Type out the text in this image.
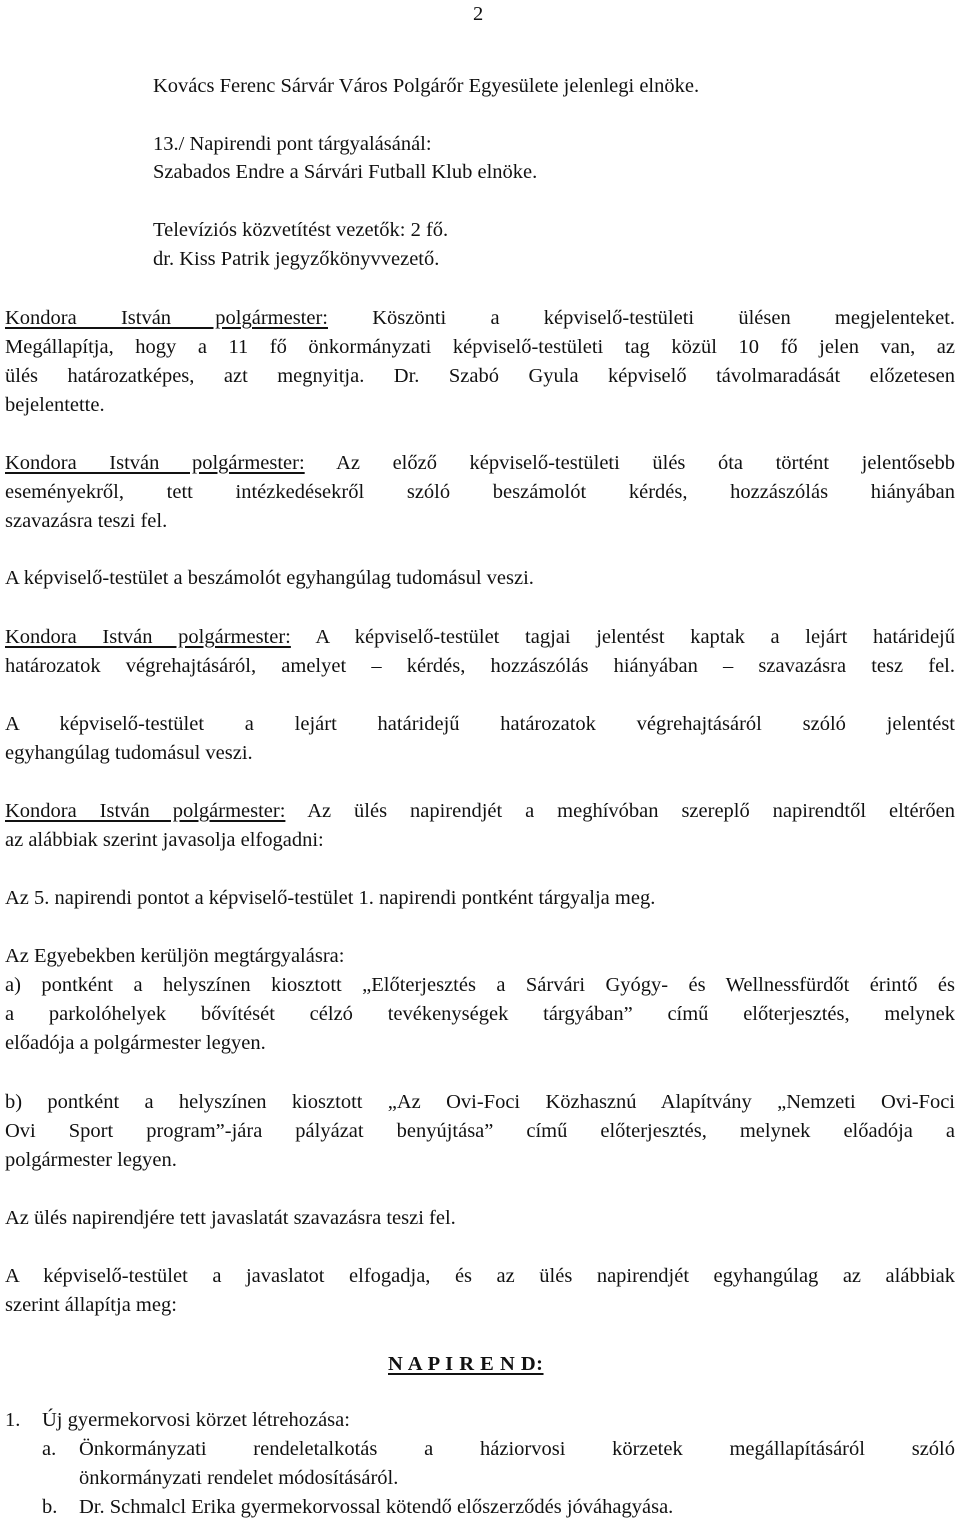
2
Kovács Ferenc Sárvár Város Polgárőr Egyesülete jelenlegi elnöke.
13./ Napirendi pont tárgyalásánál:
Szabados Endre a Sárvári Futball Klub elnöke.
Televíziós közvetítést vezetők: 2 fő.
dr. Kiss Patrik jegyzőkönyvvezető.
Kondora István polgármester: Köszönti a képviselő-testületi ülésen megjelenteket.
Megállapítja, hogy a 11 fő önkormányzati képviselő-testületi tag közül 10 fő jelen van, az
ülés határozatképes, azt megnyitja. Dr. Szabó Gyula képviselő távolmaradását előzetesen
bejelentette.
Kondora István polgármester: Az előző képviselő-testületi ülés óta történt jelentősebb
eseményekről, tett intézkedésekről szóló beszámolót kérdés, hozzászólás hiányában
szavazásra teszi fel.
A képviselő-testület a beszámolót egyhangúlag tudomásul veszi.
Kondora István polgármester: A képviselő-testület tagjai jelentést kaptak a lejárt határidejű
határozatok végrehajtásáról, amelyet – kérdés, hozzászólás hiányában – szavazásra tesz fel.
A képviselő-testület a lejárt határidejű határozatok végrehajtásáról szóló jelentést
egyhangúlag tudomásul veszi.
Kondora István polgármester: Az ülés napirendjét a meghívóban szereplő napirendtől eltérően
az alábbiak szerint javasolja elfogadni:
Az 5. napirendi pontot a képviselő-testület 1. napirendi pontként tárgyalja meg.
Az Egyebekben kerüljön megtárgyalásra:
a) pontként a helyszínen kiosztott „Előterjesztés a Sárvári Gyógy- és Wellnessfürdőt érintő és
a parkolóhelyek bővítését célzó tevékenységek tárgyában” című előterjesztés, melynek
előadója a polgármester legyen.
b) pontként a helyszínen kiosztott „Az Ovi-Foci Közhasznú Alapítvány „Nemzeti Ovi-Foci
Ovi Sport program”-jára pályázat benyújtása” című előterjesztés, melynek előadója a
polgármester legyen.
Az ülés napirendjére tett javaslatát szavazásra teszi fel.
A képviselő-testület a javaslatot elfogadja, és az ülés napirendjét egyhangúlag az alábbiak
szerint állapítja meg:
N A P I R E N D:
1. Új gyermekorvosi körzet létrehozása:
a. Önkormányzati rendeletalkotás a háziorvosi körzetek megállapításáról szóló
önkormányzati rendelet módosításáról.
b. Dr. Schmalcl Erika gyermekorvossal kötendő előszerződés jóváhagyása.
